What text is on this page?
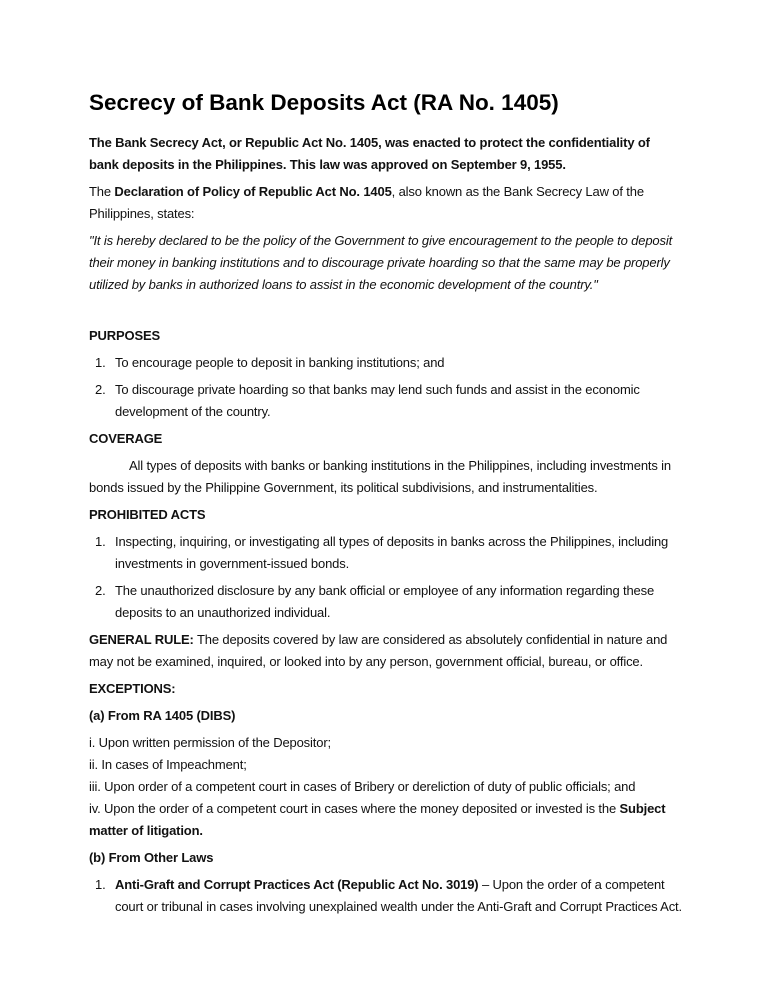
Secrecy of Bank Deposits Act (RA No. 1405)

The Bank Secrecy Act, or Republic Act No. 1405, was enacted to protect the confidentiality of bank deposits in the Philippines. This law was approved on September 9, 1955.

The Declaration of Policy of Republic Act No. 1405, also known as the Bank Secrecy Law of the Philippines, states:

"It is hereby declared to be the policy of the Government to give encouragement to the people to deposit their money in banking institutions and to discourage private hoarding so that the same may be properly utilized by banks in authorized loans to assist in the economic development of the country."

PURPOSES

1. To encourage people to deposit in banking institutions; and
2. To discourage private hoarding so that banks may lend such funds and assist in the economic development of the country.

COVERAGE

All types of deposits with banks or banking institutions in the Philippines, including investments in bonds issued by the Philippine Government, its political subdivisions, and instrumentalities.

PROHIBITED ACTS

1. Inspecting, inquiring, or investigating all types of deposits in banks across the Philippines, including investments in government-issued bonds.
2. The unauthorized disclosure by any bank official or employee of any information regarding these deposits to an unauthorized individual.

GENERAL RULE: The deposits covered by law are considered as absolutely confidential in nature and may not be examined, inquired, or looked into by any person, government official, bureau, or office.

EXCEPTIONS:

(a) From RA 1405 (DIBS)

i. Upon written permission of the Depositor;
ii. In cases of Impeachment;
iii. Upon order of a competent court in cases of Bribery or dereliction of duty of public officials; and
iv. Upon the order of a competent court in cases where the money deposited or invested is the Subject matter of litigation.

(b) From Other Laws

1. Anti-Graft and Corrupt Practices Act (Republic Act No. 3019) – Upon the order of a competent court or tribunal in cases involving unexplained wealth under the Anti-Graft and Corrupt Practices Act.
